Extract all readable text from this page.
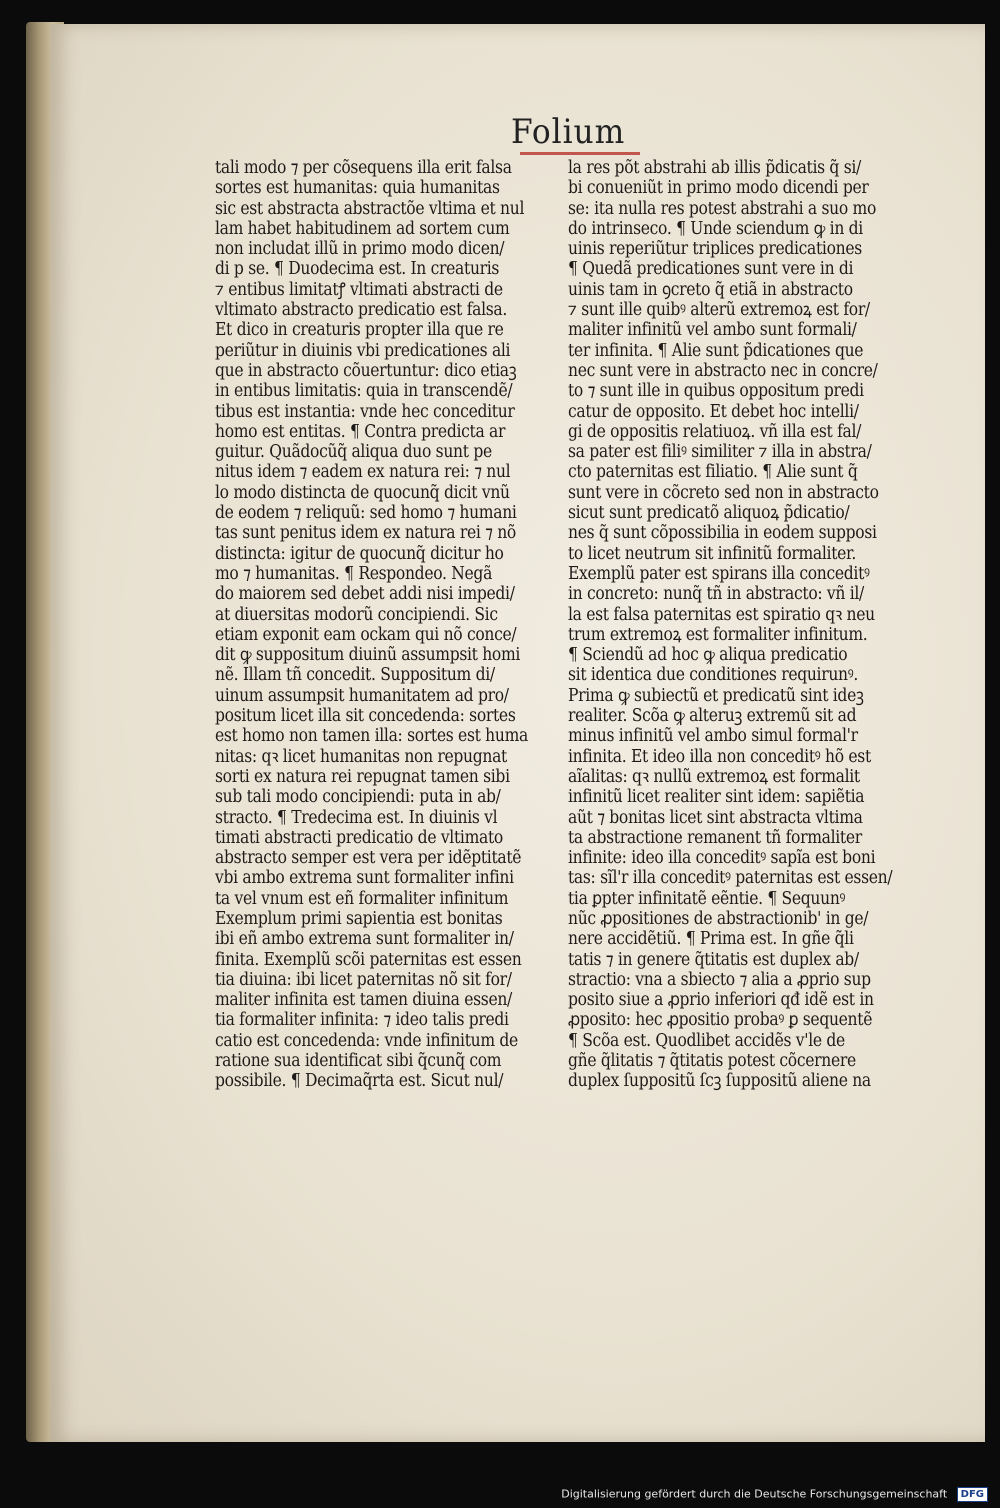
Folium
tali modo ⁊ per cõsequens illa erit falsa
sortes est humanitas: quia humanitas
sic est abstracta abstractõe vltima et nul
lam habet habitudinem ad sortem cum
non includat illũ in primo modo dicen/
di p se. ¶ Duodecima est. In creaturis
⁊ entibus limitatꝭ vltimati abstracti de
vltimato abstracto predicatio est falsa.
Et dico in creaturis propter illa que re
periũtur in diuinis vbi predicationes ali
que in abstracto cõuertuntur: dico etiaꝫ
in entibus limitatis: quia in transcendẽ/
tibus est instantia: vnde hec conceditur
homo est entitas. ¶ Contra predicta ar
guitur. Quãdocũq̃ aliqua duo sunt pe
nitus idem ⁊ eadem ex natura rei: ⁊ nul
lo modo distincta de quocunq̃ dicit vnũ
de eodem ⁊ reliquũ: sed homo ⁊ humani
tas sunt penitus idem ex natura rei ⁊ nõ
distincta: igitur de quocunq̃ dicitur ho
mo ⁊ humanitas. ¶ Respondeo. Negã
do maiorem sed debet addi nisi impedi/
at diuersitas modorũ concipiendi. Sic
etiam exponit eam ockam qui nõ conce/
dit ꝙ suppositum diuinũ assumpsit homi
nẽ. Illam tñ concedit. Suppositum di/
uinum assumpsit humanitatem ad pro/
positum licet illa sit concedenda: sortes
est homo non tamen illa: sortes est huma
nitas: qꝛ licet humanitas non repugnat
sorti ex natura rei repugnat tamen sibi
sub tali modo concipiendi: puta in ab/
stracto. ¶ Tredecima est. In diuinis vl
timati abstracti predicatio de vltimato
abstracto semper est vera per idẽptitatẽ
vbi ambo extrema sunt formaliter infini
ta vel vnum est eñ formaliter infinitum
Exemplum primi sapientia est bonitas
ibi eñ ambo extrema sunt formaliter in/
finita. Exemplũ scõi paternitas est essen
tia diuina: ibi licet paternitas nõ sit for/
maliter infinita est tamen diuina essen/
tia formaliter infinita: ⁊ ideo talis predi
catio est concedenda: vnde infinitum de
ratione sua identificat sibi q̃cunq̃ com
possibile. ¶ Decimaq̃rta est. Sicut nul/
la res põt abstrahi ab illis p̃dicatis q̃ si/
bi conueniũt in primo modo dicendi per
se: ita nulla res potest abstrahi a suo mo
do intrinseco. ¶ Unde sciendum ꝙ in di
uinis reperiũtur triplices predicationes
¶ Quedã predicationes sunt vere in di
uinis tam in ꝯcreto q̃ etiã in abstracto
⁊ sunt ille quibꝰ alterũ extremoꝝ est for/
maliter infinitũ vel ambo sunt formali/
ter infinita. ¶ Alie sunt p̃dicationes que
nec sunt vere in abstracto nec in concre/
to ⁊ sunt ille in quibus oppositum predi
catur de opposito. Et debet hoc intelli/
gi de oppositis relatiuoꝝ. vñ illa est fal/
sa pater est filiꝰ similiter ⁊ illa in abstra/
cto paternitas est filiatio. ¶ Alie sunt q̃
sunt vere in cõcreto sed non in abstracto
sicut sunt predicatõ aliquoꝝ p̃dicatio/
nes q̃ sunt cõpossibilia in eodem supposi
to licet neutrum sit infinitũ formaliter.
Exemplũ pater est spirans illa conceditꝰ
in concreto: nunq̃ tñ in abstracto: vñ il/
la est falsa paternitas est spiratio qꝛ neu
trum extremoꝝ est formaliter infinitum.
¶ Sciendũ ad hoc ꝙ aliqua predicatio
sit identica due conditiones requirunꝰ.
Prima ꝙ subiectũ et predicatũ sint ideꝫ
realiter. Scõa ꝙ alteruꝫ extremũ sit ad
minus infinitũ vel ambo simul formal'r
infinita. Et ideo illa non conceditꝰ hõ est
aĩalitas: qꝛ nullũ extremoꝝ est formalit
infinitũ licet realiter sint idem: sapiẽtia
aũt ⁊ bonitas licet sint abstracta vltima
ta abstractione remanent tñ formaliter
infinite: ideo illa conceditꝰ sapĩa est boni
tas: sĩl'r illa conceditꝰ paternitas est essen/
tia ꝑpter infinitatẽ eẽntie. ¶ Sequunꝰ
nũc ꝓpositiones de abstractionib' in ge/
nere accidẽtiũ. ¶ Prima est. In gñe q̃li
tatis ⁊ in genere q̃titatis est duplex ab/
stractio: vna a sbiecto ⁊ alia a ꝓprio sup
posito siue a ꝓprio inferiori qđ idẽ est in
ꝓposito: hec ꝓpositio probaꝰ ꝑ sequentẽ
¶ Scõa est. Quodlibet accidẽs v'le de
gñe q̃litatis ⁊ q̃titatis potest cõcernere
duplex ſuppositũ ſcꝫ ſuppositũ aliene na
Digitalisierung gefördert durch die Deutsche Forschungsgemeinschaft DFG
